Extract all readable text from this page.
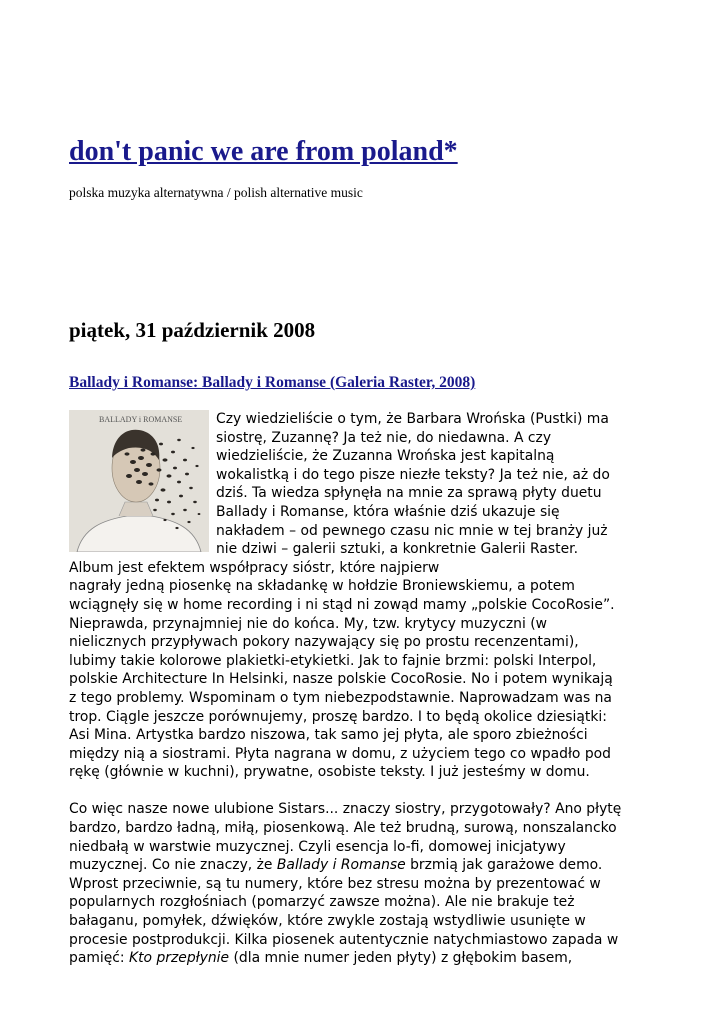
don't panic we are from poland*
polska muzyka alternatywna / polish alternative music
piątek, 31 październik 2008
Ballady i Romanse: Ballady i Romanse (Galeria Raster, 2008)
BALLADY i ROMANSE	Czy wiedzieliście o tym, że Barbara Wrońska (Pustki) ma

siostrę, Zuzannę? Ja też nie, do niedawna. A czy

wiedzieliście, że Zuzanna Wrońska jest kapitalną

wokalistką i do tego pisze niezłe teksty? Ja też nie, aż do

dziś. Ta wiedza spłynęła na mnie za sprawą płyty duetu

Ballady i Romanse, która właśnie dziś ukazuje się

nakładem – od pewnego czasu nic mnie w tej branży już

nie dziwi – galerii sztuki, a konkretnie Galerii Raster.

Album jest efektem współpracy sióstr, które najpierw

nagrały jedną piosenkę na składankę w hołdzie Broniewskiemu, a potem

wciągnęły się w home recording i ni stąd ni zowąd mamy „polskie CocoRosie”.

Nieprawda, przynajmniej nie do końca. My, tzw. krytycy muzyczni (w

nielicznych przypływach pokory nazywający się po prostu recenzentami),

lubimy takie kolorowe plakietki-etykietki. Jak to fajnie brzmi: polski Interpol,

polskie Architecture In Helsinki, nasze polskie CocoRosie. No i potem wynikają

z tego problemy. Wspominam o tym niebezpodstawnie. Naprowadzam was na

trop. Ciągle jeszcze porównujemy, proszę bardzo. I to będą okolice dziesiątki:

Asi Mina. Artystka bardzo niszowa, tak samo jej płyta, ale sporo zbieżności

między nią a siostrami. Płyta nagrana w domu, z użyciem tego co wpadło pod

rękę (głównie w kuchni), prywatne, osobiste teksty. I już jesteśmy w domu.

Co więc nasze nowe ulubione Sistars... znaczy siostry, przygotowały? Ano płytę

bardzo, bardzo ładną, miłą, piosenkową. Ale też brudną, surową, nonszalancko

niedbałą w warstwie muzycznej. Czyli esencja lo-fi, domowej inicjatywy

muzycznej. Co nie znaczy, że Ballady i Romanse brzmią jak garażowe demo.

Wprost przeciwnie, są tu numery, które bez stresu można by prezentować w

popularnych rozgłośniach (pomarzyć zawsze można). Ale nie brakuje też

bałaganu, pomyłek, dźwięków, które zwykle zostają wstydliwie usunięte w

procesie postprodukcji. Kilka piosenek autentycznie natychmiastowo zapada w

pamięć: Kto przepłynie (dla mnie numer jeden płyty) z głębokim basem,
